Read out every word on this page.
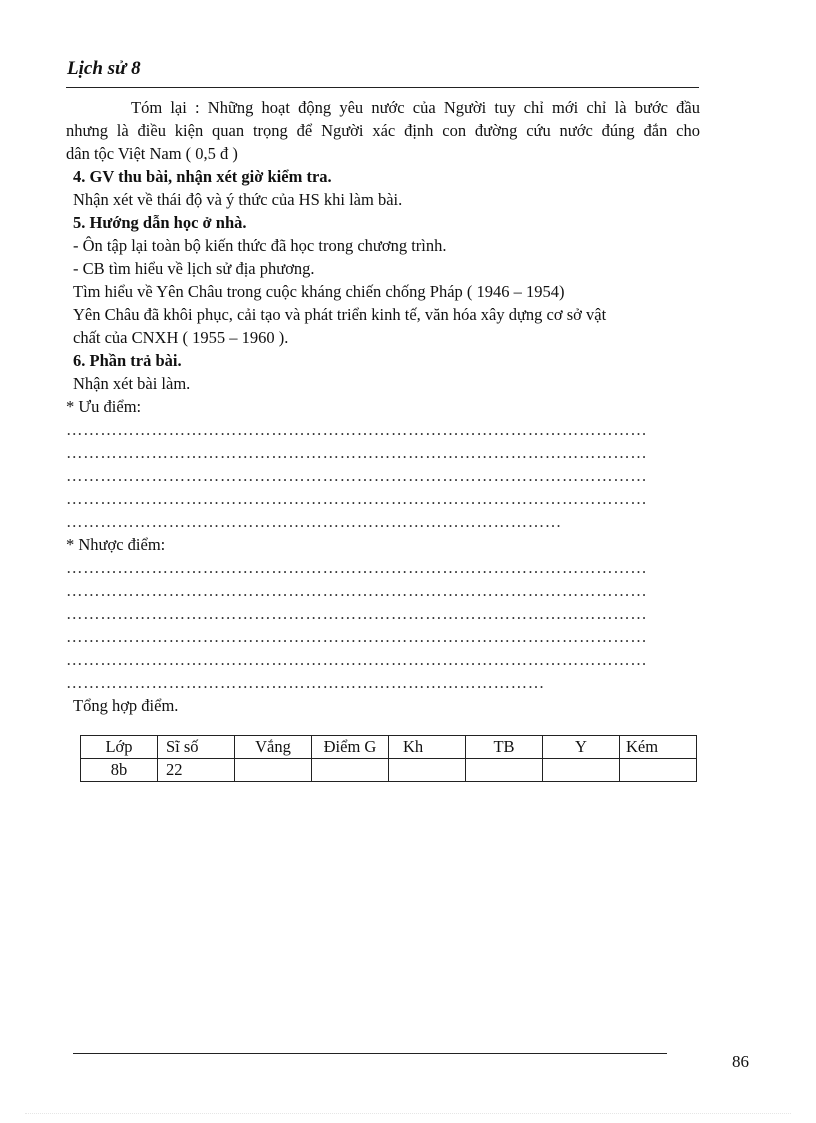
Lịch sử 8
Tóm lại : Những hoạt động yêu nước của Người tuy chỉ mới chỉ là bước đầu
nhưng là điều kiện quan trọng để Người xác định con đường cứu nước đúng đắn cho
dân tộc Việt Nam ( 0,5 đ )
4. GV thu bài, nhận xét giờ kiểm tra.
Nhận xét về thái độ và ý thức của HS khi làm bài.
5. Hướng dẫn học ở nhà.
- Ôn tập lại toàn bộ kiến thức đã học trong chương trình.
- CB tìm hiểu về lịch sử địa phương.
Tìm hiểu về Yên Châu trong cuộc kháng chiến chống Pháp ( 1946 – 1954)
Yên Châu đã khôi phục, cải tạo và phát triển kinh tế, văn hóa xây dựng cơ sở vật
chất của CNXH ( 1955 – 1960 ).
6. Phần trả bài.
Nhận xét bài làm.
* Ưu điểm:
…………………………………………………………………………………………
…………………………………………………………………………………………
…………………………………………………………………………………………
…………………………………………………………………………………………
……………………………………………………………………………
* Nhược điểm:
…………………………………………………………………………………………
…………………………………………………………………………………………
…………………………………………………………………………………………
…………………………………………………………………………………………
…………………………………………………………………………………………
…………………………………………………………………………
Tổng hợp điểm.
Lớp	Sĩ số	Vắng	Điểm G	Kh	TB	Y	Kém
8b	22						
86
